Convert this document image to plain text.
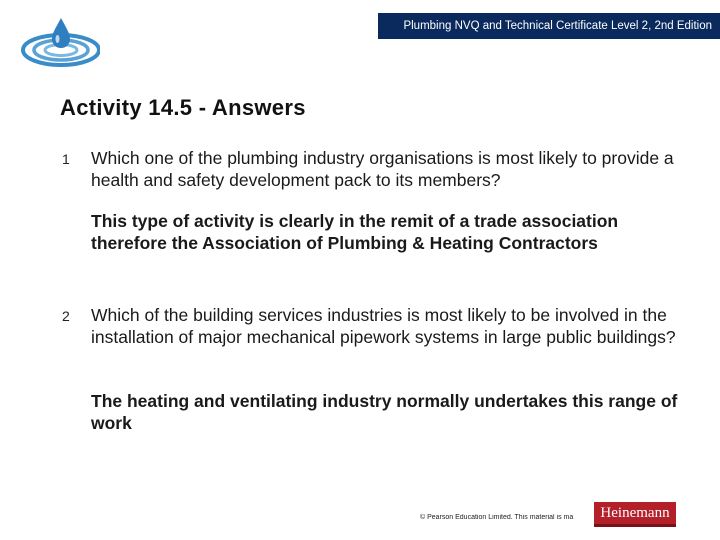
Plumbing NVQ and Technical Certificate Level 2, 2nd Edition
Activity 14.5 - Answers
1 Which one of the plumbing industry organisations is most likely to provide a health and safety development pack to its members?
This type of activity is clearly in the remit of a trade association therefore the Association of Plumbing & Heating Contractors
2 Which of the building services industries is most likely to be involved in the installation of major mechanical pipework systems in large public buildings?
The heating and ventilating industry normally undertakes this range of work
© Pearson Education Limited. This material is ma	Heinemann
